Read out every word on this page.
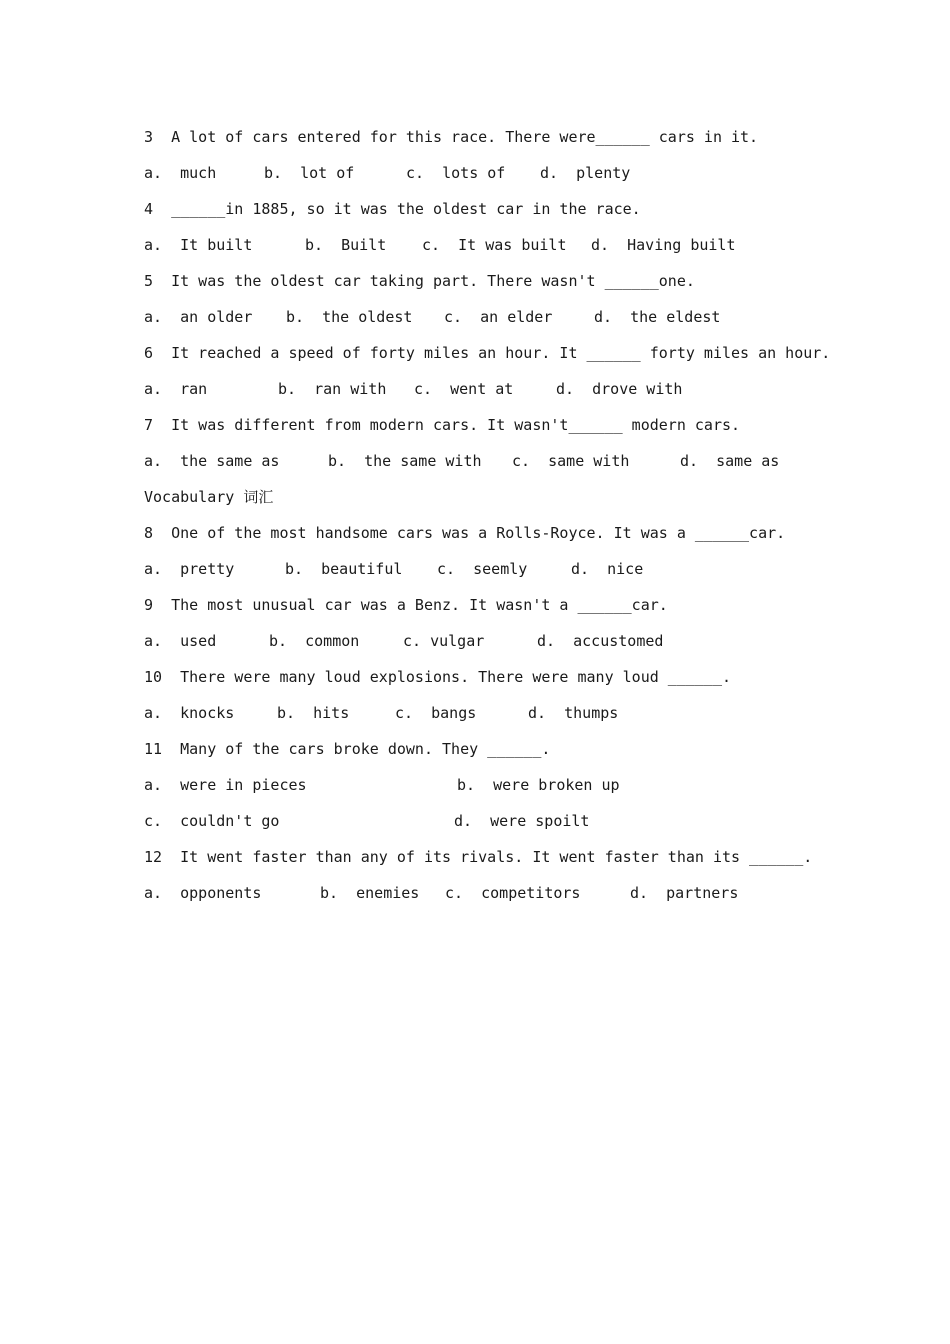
3  A lot of cars entered for this race. There were______ cars in it.
a.  much	b.  lot of	c.  lots of d.  plenty
4  ______in 1885, so it was the oldest car in the race.
a.  It built	b.  Built c.  It was built d.  Having built
5  It was the oldest car taking part. There wasn't ______one.
a.  an older b.  the oldest c.  an elder	d.  the eldest
6  It reached a speed of forty miles an hour. It ______ forty miles an hour.
a.  ran	b.  ran with c.  went at	d.  drove with
7  It was different from modern cars. It wasn't______ modern cars.
a.  the same as	b.  the same with c.  same with	d.  same as
Vocabulary 词汇
8  One of the most handsome cars was a Rolls-Royce. It was a ______car.
a.  pretty	b.  beautiful c.  seemly	d.  nice
9  The most unusual car was a Benz. It wasn't a ______car.
a.  used	b.  common	c. vulgar	d.  accustomed
10  There were many loud explosions. There were many loud ______.
a.  knocks	b.  hits	c.  bangs	d.  thumps
11  Many of the cars broke down. They ______.
a.  were in pieces	b.  were broken up
c.  couldn't go	d.  were spoilt
12  It went faster than any of its rivals. It went faster than its ______.
a.  opponents	b.  enemies c.  competitors	d.  partners
